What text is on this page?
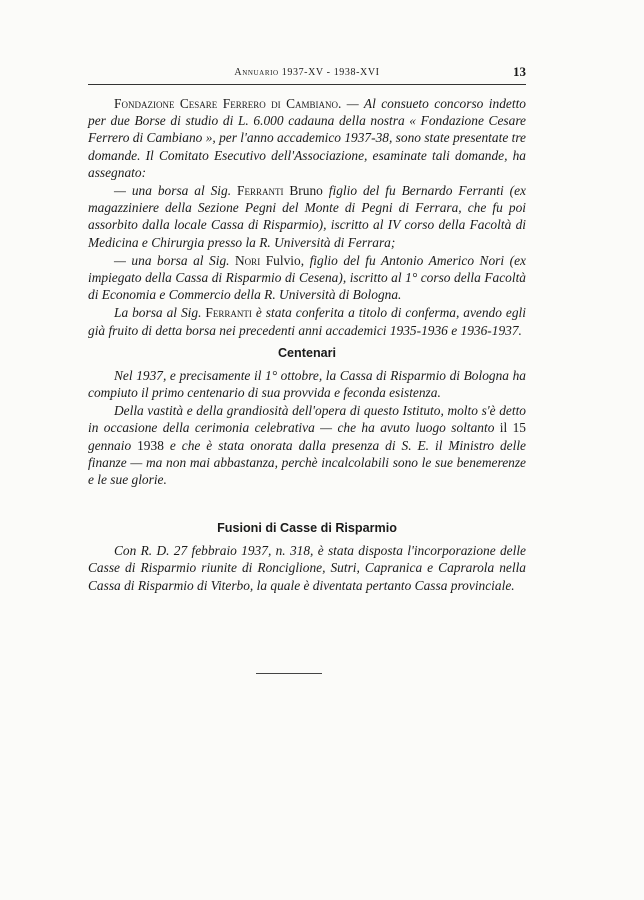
Annuario 1937-XV - 1938-XVI	13

Fondazione Cesare Ferrero di Cambiano. — Al consueto concorso indetto per due Borse di studio di L. 6.000 cadauna della nostra « Fondazione Cesare Ferrero di Cambiano », per l'anno accademico 1937-38, sono state presentate tre domande. Il Comitato Esecutivo dell'Associazione, esaminate tali domande, ha assegnato:

— una borsa al Sig. Ferranti Bruno figlio del fu Bernardo Ferranti (ex magazziniere della Sezione Pegni del Monte di Pegni di Ferrara, che fu poi assorbito dalla locale Cassa di Risparmio), iscritto al IV corso della Facoltà di Medicina e Chirurgia presso la R. Università di Ferrara;

— una borsa al Sig. Nori Fulvio, figlio del fu Antonio Americo Nori (ex impiegato della Cassa di Risparmio di Cesena), iscritto al 1° corso della Facoltà di Economia e Commercio della R. Università di Bologna.

La borsa al Sig. Ferranti è stata conferita a titolo di conferma, avendo egli già fruito di detta borsa nei precedenti anni accademici 1935-1936 e 1936-1937.

Centenari

Nel 1937, e precisamente il 1° ottobre, la Cassa di Risparmio di Bologna ha compiuto il primo centenario di sua provvida e feconda esistenza.

Della vastità e della grandiosità dell'opera di questo Istituto, molto s'è detto in occasione della cerimonia celebrativa — che ha avuto luogo soltanto il 15 gennaio 1938 e che è stata onorata dalla presenza di S. E. il Ministro delle finanze — ma non mai abbastanza, perchè incalcolabili sono le sue benemerenze e le sue glorie.

Fusioni di Casse di Risparmio

Con R. D. 27 febbraio 1937, n. 318, è stata disposta l'incorporazione delle Casse di Risparmio riunite di Ronciglione, Sutri, Capranica e Caprarola nella Cassa di Risparmio di Viterbo, la quale è diventata pertanto Cassa provinciale.
